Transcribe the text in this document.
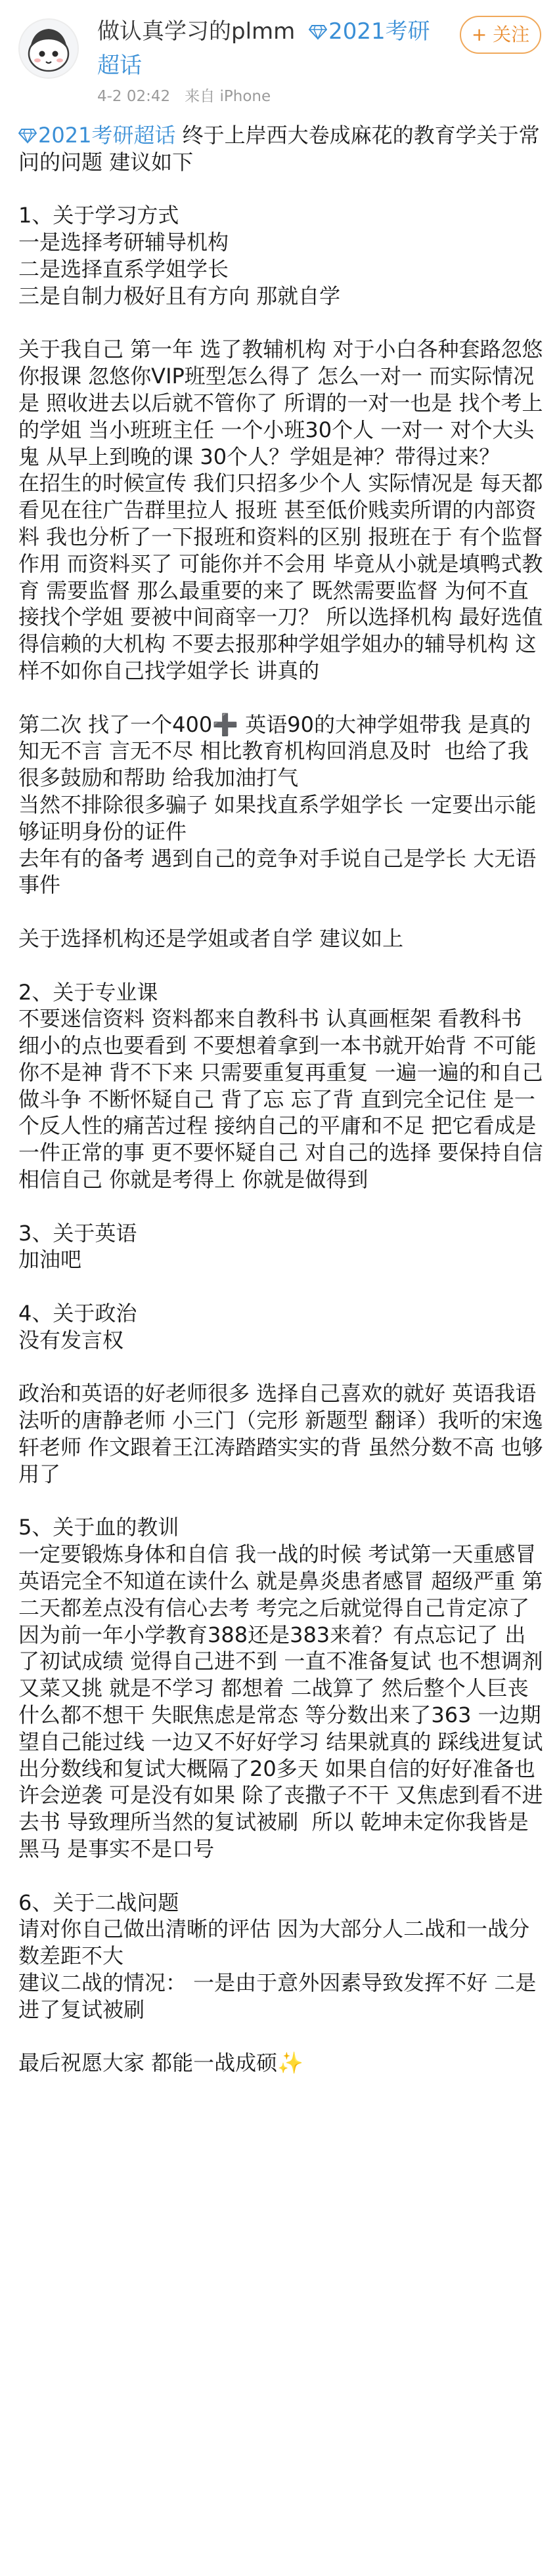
做认真学习的plmm 2021考研超话
+ 关注
4-2 02:42 来自 iPhone
2021考研超话 终于上岸西大卷成麻花的教育学关于常问的问题 建议如下

1、关于学习方式
一是选择考研辅导机构
二是选择直系学姐学长
三是自制力极好且有方向 那就自学

关于我自己 第一年 选了教辅机构 对于小白各种套路忽悠你报课 忽悠你VIP班型怎么得了 怎么一对一 而实际情况是 照收进去以后就不管你了 所谓的一对一也是 找个考上的学姐 当小班班主任 一个小班30个人 一对一 对个大头鬼 从早上到晚的课 30个人？学姐是神？带得过来？
在招生的时候宣传 我们只招多少个人 实际情况是 每天都看见在往广告群里拉人 报班 甚至低价贱卖所谓的内部资料 我也分析了一下报班和资料的区别 报班在于 有个监督作用 而资料买了 可能你并不会用 毕竟从小就是填鸭式教育 需要监督 那么最重要的来了 既然需要监督 为何不直接找个学姐 要被中间商宰一刀？ 所以选择机构 最好选值得信赖的大机构 不要去报那种学姐学姐办的辅导机构 这样不如你自己找学姐学长 讲真的

第二次 找了一个400➕ 英语90的大神学姐带我 是真的知无不言 言无不尽 相比教育机构回消息及时  也给了我很多鼓励和帮助 给我加油打气
当然不排除很多骗子 如果找直系学姐学长 一定要出示能够证明身份的证件
去年有的备考 遇到自己的竞争对手说自己是学长 大无语事件

关于选择机构还是学姐或者自学 建议如上

2、关于专业课
不要迷信资料 资料都来自教科书 认真画框架 看教科书 细小的点也要看到 不要想着拿到一本书就开始背 不可能 你不是神 背不下来 只需要重复再重复 一遍一遍的和自己做斗争 不断怀疑自己 背了忘 忘了背 直到完全记住 是一个反人性的痛苦过程 接纳自己的平庸和不足 把它看成是一件正常的事 更不要怀疑自己 对自己的选择 要保持自信 相信自己 你就是考得上 你就是做得到

3、关于英语
加油吧

4、关于政治
没有发言权

政治和英语的好老师很多 选择自己喜欢的就好 英语我语法听的唐静老师 小三门（完形 新题型 翻译）我听的宋逸轩老师 作文跟着王江涛踏踏实实的背 虽然分数不高 也够用了

5、关于血的教训
一定要锻炼身体和自信 我一战的时候 考试第一天重感冒 英语完全不知道在读什么 就是鼻炎患者感冒 超级严重 第二天都差点没有信心去考 考完之后就觉得自己肯定凉了 因为前一年小学教育388还是383来着？有点忘记了 出了初试成绩 觉得自己进不到 一直不准备复试 也不想调剂 又菜又挑 就是不学习 都想着 二战算了 然后整个人巨丧 什么都不想干 失眠焦虑是常态 等分数出来了363 一边期望自己能过线 一边又不好好学习 结果就真的 踩线进复试 出分数线和复试大概隔了20多天 如果自信的好好准备也许会逆袭 可是没有如果 除了丧撒子不干 又焦虑到看不进去书 导致理所当然的复试被刷  所以 乾坤未定你我皆是黑马 是事实不是口号

6、关于二战问题
请对你自己做出清晰的评估 因为大部分人二战和一战分数差距不大
建议二战的情况： 一是由于意外因素导致发挥不好 二是进了复试被刷

最后祝愿大家 都能一战成硕✨
